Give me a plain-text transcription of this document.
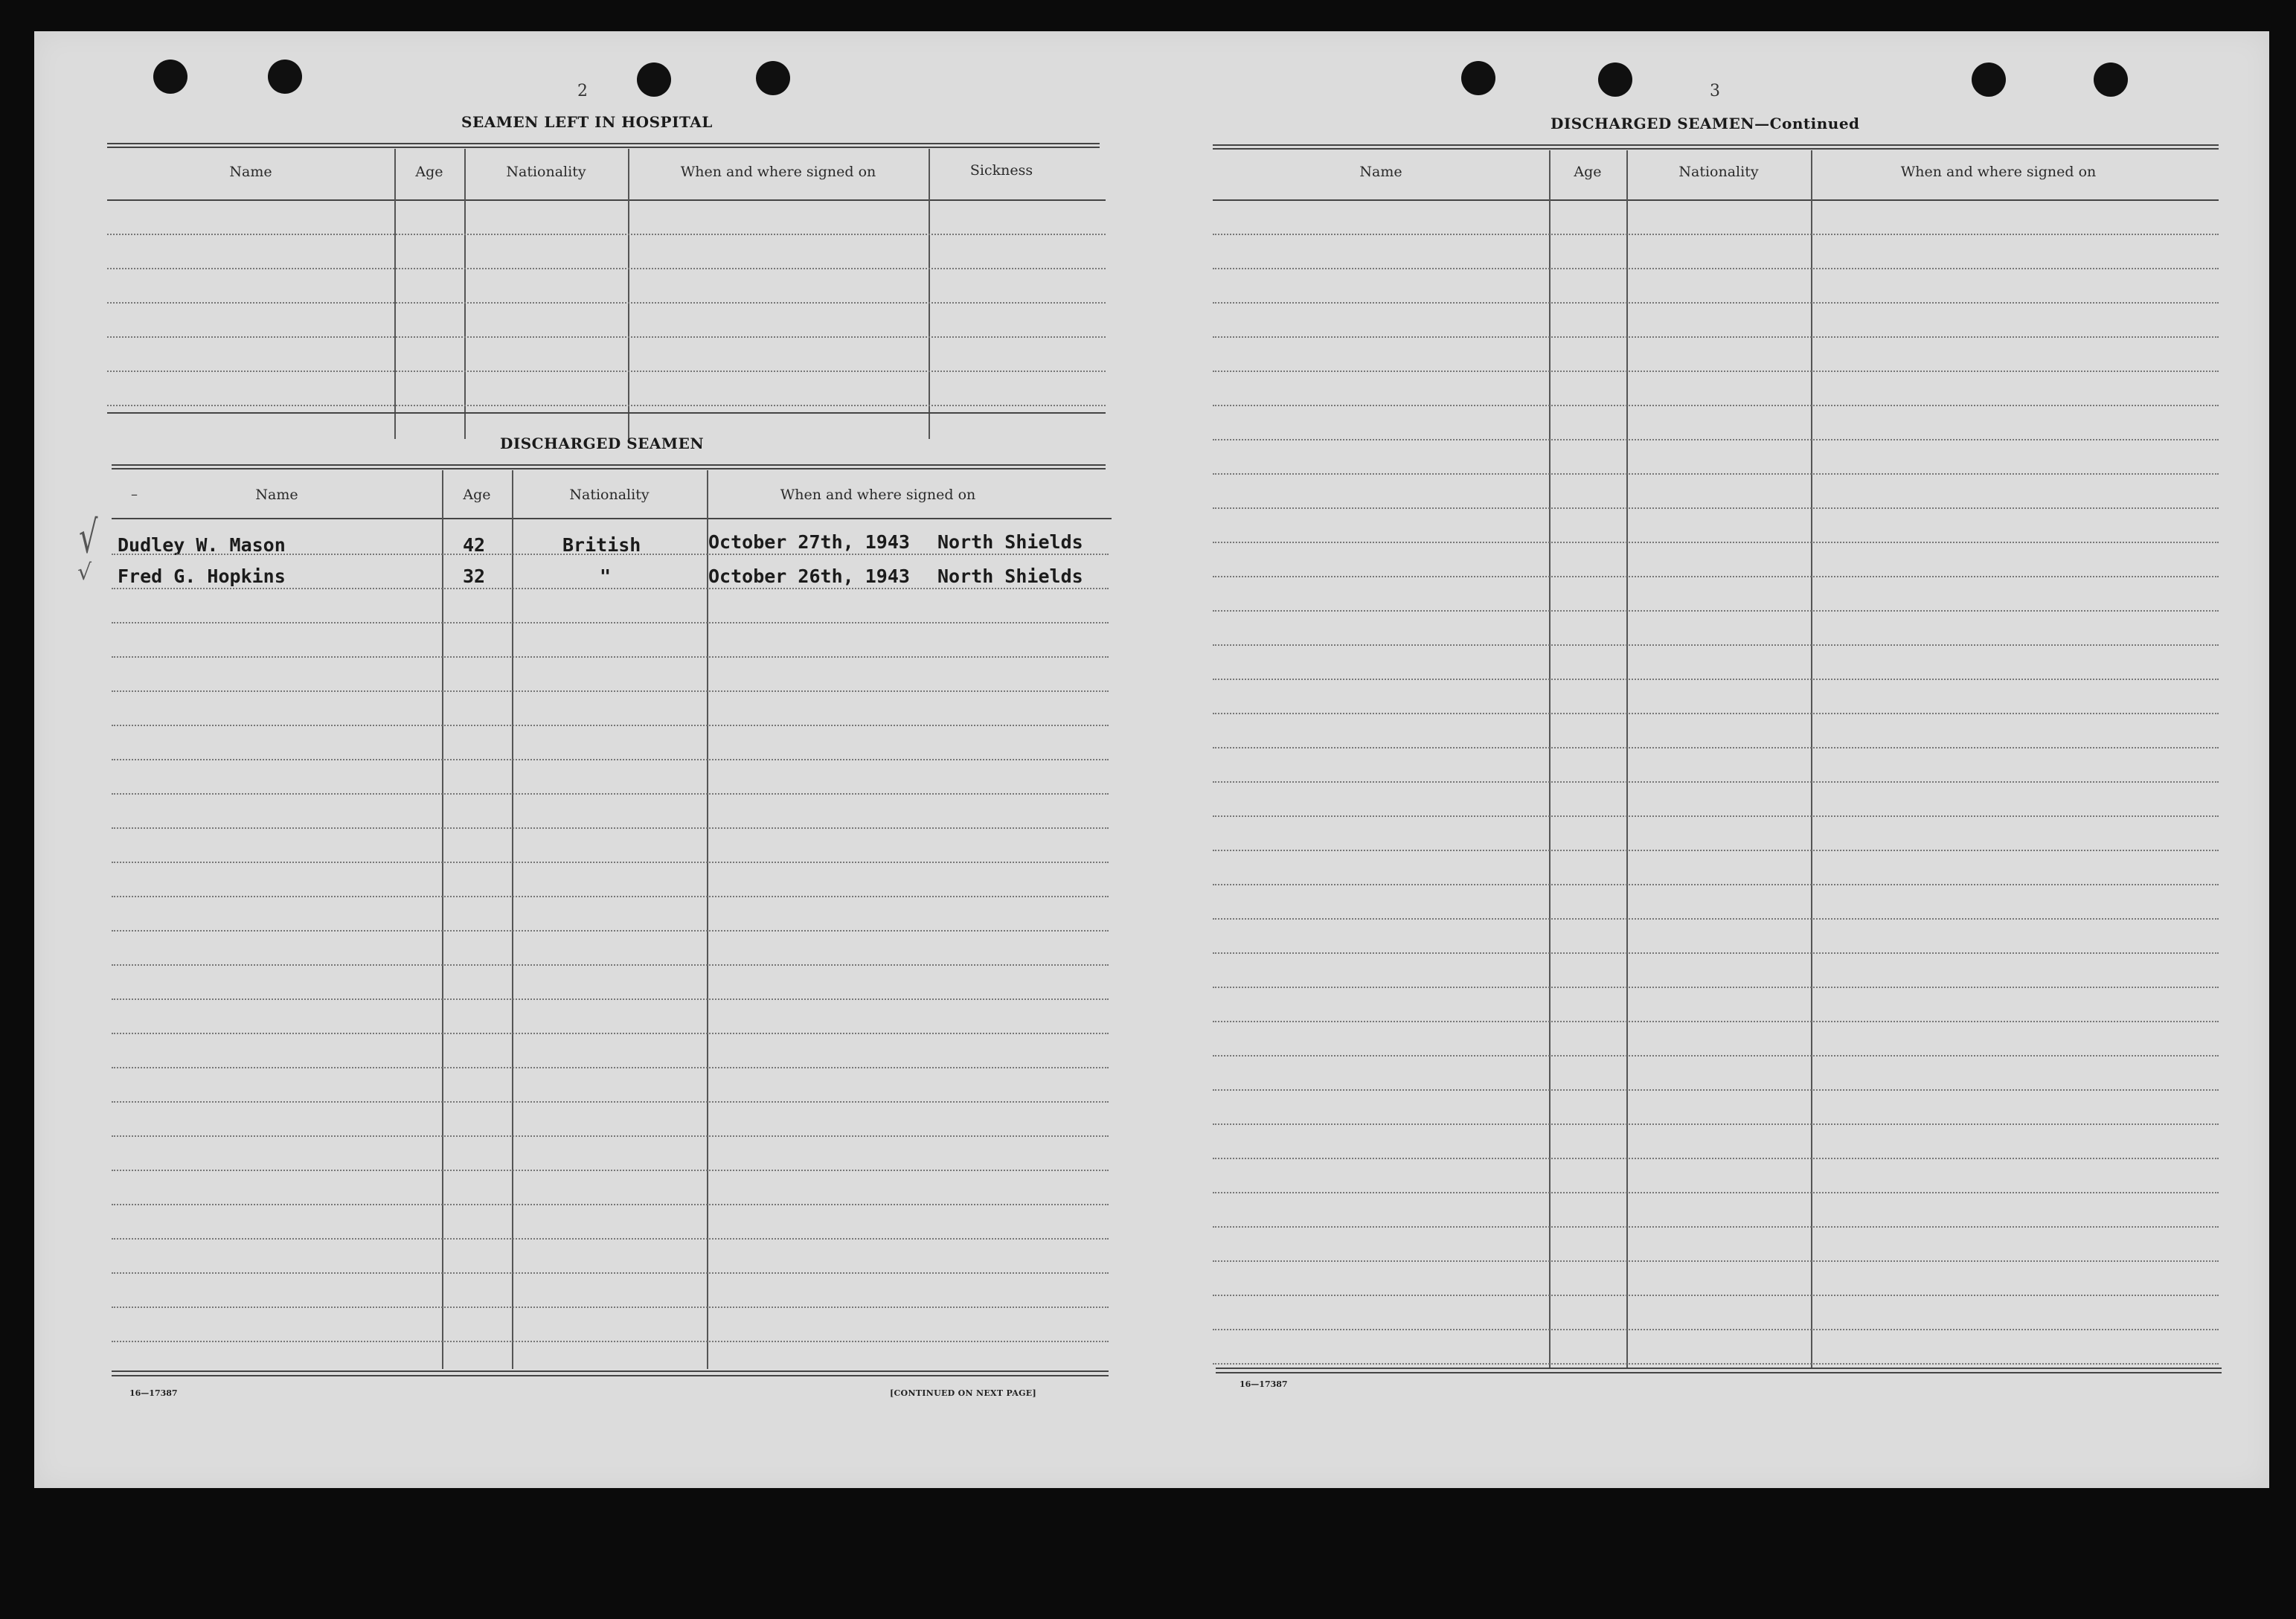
2

SEAMEN LEFT IN HOSPITAL

Name	Age	Nationality	When and where signed on	Sickness

DISCHARGED SEAMEN

Name	Age	Nationality	When and where signed on
√ Dudley W. Mason	42	British	October 27th, 1943 North Shields
√ Fred G. Hopkins	32	"	October 26th, 1943 North Shields
–

16—17387	[CONTINUED ON NEXT PAGE]

3

DISCHARGED SEAMEN—Continued

Name	Age	Nationality	When and where signed on

16—17387
